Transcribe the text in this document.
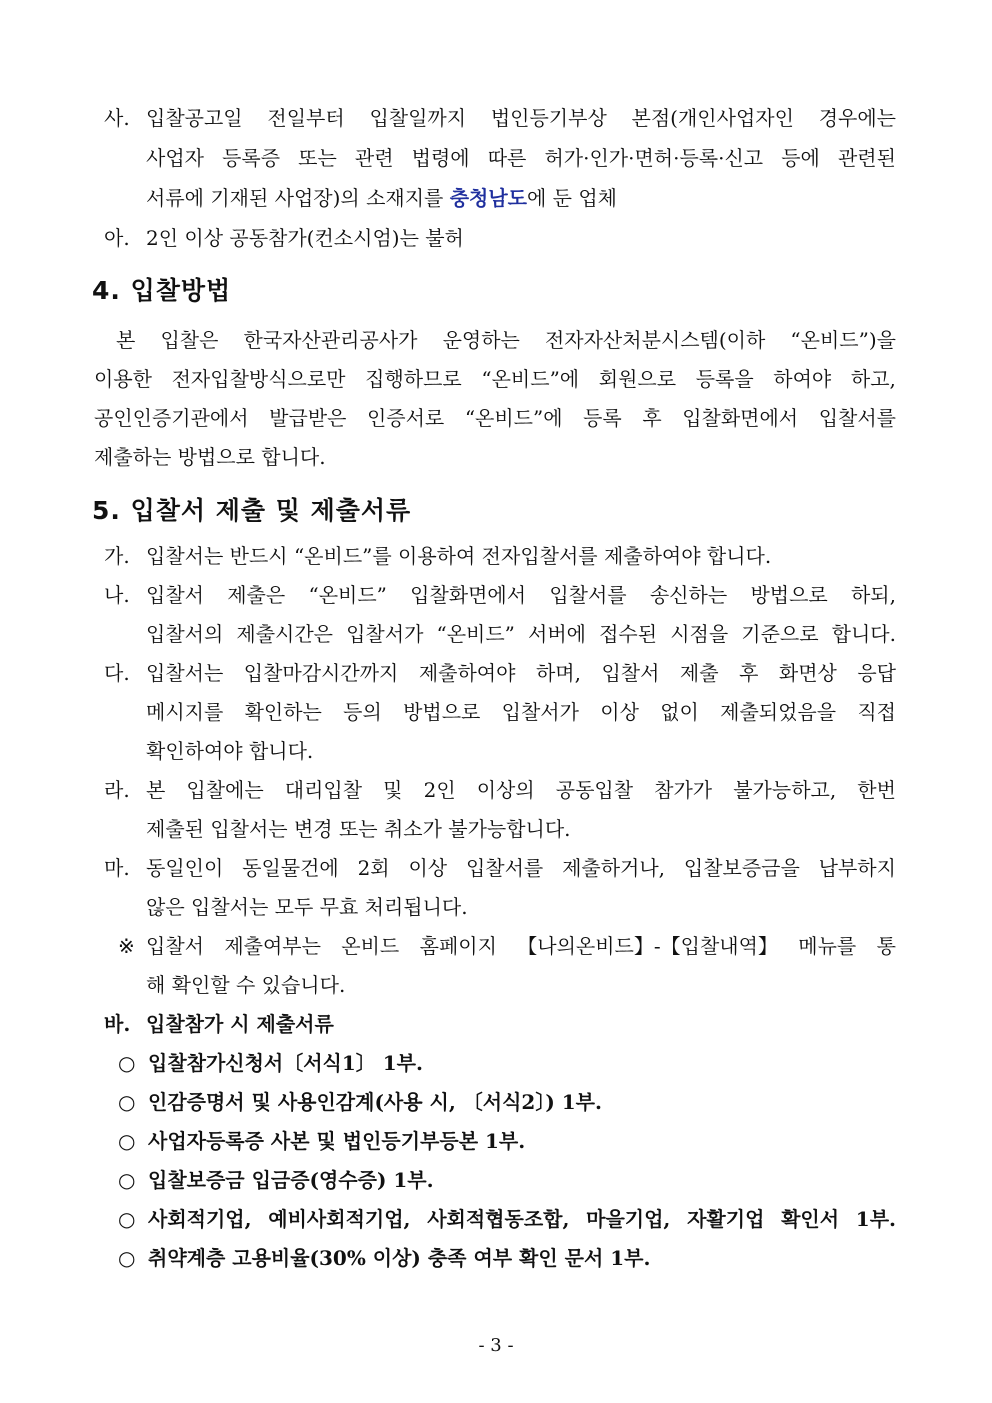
사. 입찰공고일 전일부터 입찰일까지 법인등기부상 본점(개인사업자인 경우에는
사업자 등록증 또는 관련 법령에 따른 허가·인가·면허·등록·신고 등에 관련된
서류에 기재된 사업장)의 소재지를 충청남도에 둔 업체
아. 2인 이상 공동참가(컨소시엄)는 불허
4. 입찰방법
본 입찰은 한국자산관리공사가 운영하는 전자자산처분시스템(이하 “온비드”)을
이용한 전자입찰방식으로만 집행하므로 “온비드”에 회원으로 등록을 하여야 하고,
공인인증기관에서 발급받은 인증서로 “온비드”에 등록 후 입찰화면에서 입찰서를
제출하는 방법으로 합니다.
5. 입찰서 제출 및 제출서류
가. 입찰서는 반드시 “온비드”를 이용하여 전자입찰서를 제출하여야 합니다.
나. 입찰서 제출은 “온비드” 입찰화면에서 입찰서를 송신하는 방법으로 하되,
입찰서의 제출시간은 입찰서가 “온비드” 서버에 접수된 시점을 기준으로 합니다.
다. 입찰서는 입찰마감시간까지 제출하여야 하며, 입찰서 제출 후 화면상 응답
메시지를 확인하는 등의 방법으로 입찰서가 이상 없이 제출되었음을 직접
확인하여야 합니다.
라. 본 입찰에는 대리입찰 및 2인 이상의 공동입찰 참가가 불가능하고, 한번
제출된 입찰서는 변경 또는 취소가 불가능합니다.
마. 동일인이 동일물건에 2회 이상 입찰서를 제출하거나, 입찰보증금을 납부하지
않은 입찰서는 모두 무효 처리됩니다.
※ 입찰서 제출여부는 온비드 홈페이지 【나의온비드】-【입찰내역】 메뉴를 통
해 확인할 수 있습니다.
바. 입찰참가 시 제출서류
○ 입찰참가신청서〔서식1〕 1부.
○ 인감증명서 및 사용인감계(사용 시, 〔서식2〕) 1부.
○ 사업자등록증 사본 및 법인등기부등본 1부.
○ 입찰보증금 입금증(영수증) 1부.
○ 사회적기업, 예비사회적기업, 사회적협동조합, 마을기업, 자활기업 확인서 1부.
○ 취약계층 고용비율(30% 이상) 충족 여부 확인 문서 1부.
- 3 -
